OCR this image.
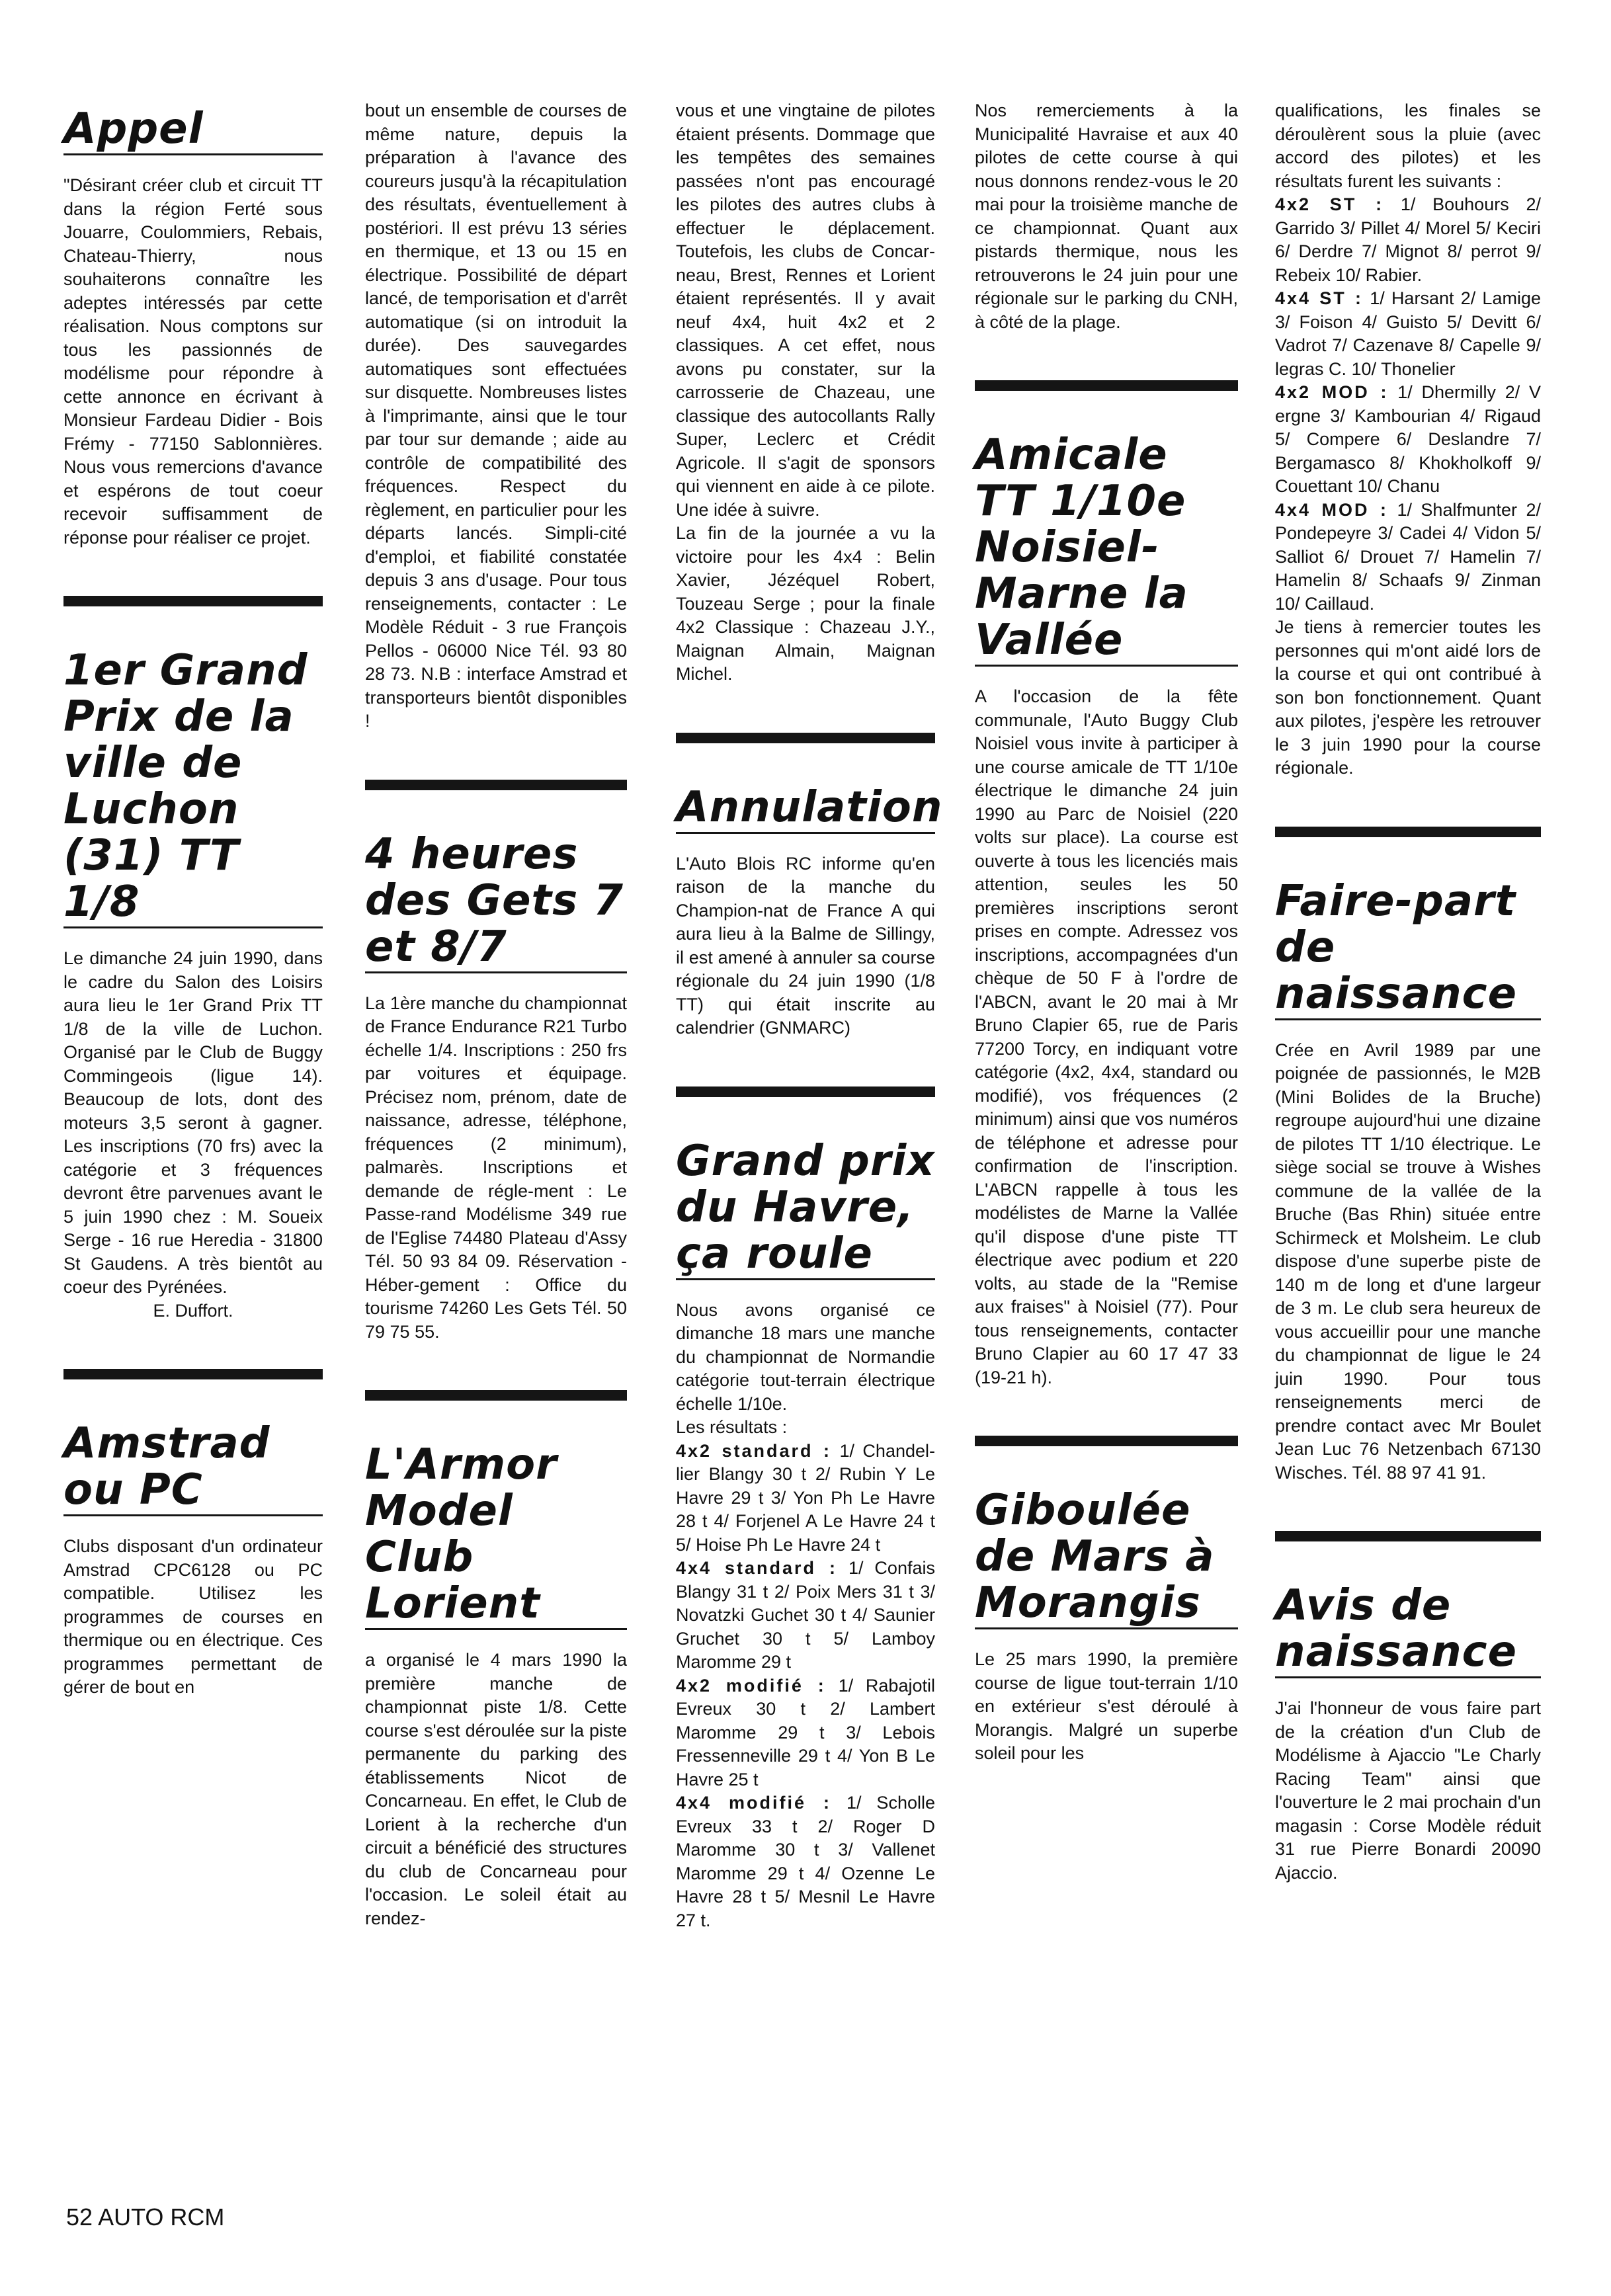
Appel

"Désirant créer club et circuit TT dans la région Ferté sous Jouarre, Coulommiers, Rebais, Chateau-Thierry, nous souhaiterons connaître les adeptes intéressés par cette réalisation. Nous comptons sur tous les passionnés de modélisme pour répondre à cette annonce en écrivant à Monsieur Fardeau Didier - Bois Frémy - 77150 Sablonnières. Nous vous remercions d'avance et espérons de tout coeur recevoir suffisamment de réponse pour réaliser ce projet.

1er Grand Prix de la ville de Luchon (31) TT 1/8

Le dimanche 24 juin 1990, dans le cadre du Salon des Loisirs aura lieu le 1er Grand Prix TT 1/8 de la ville de Luchon. Organisé par le Club de Buggy Commingeois (ligue 14). Beaucoup de lots, dont des moteurs 3,5 seront à gagner. Les inscriptions (70 frs) avec la catégorie et 3 fréquences devront être parvenues avant le 5 juin 1990 chez : M. Soueix Serge - 16 rue Heredia - 31800 St Gaudens. A très bientôt au coeur des Pyrénées.

E. Duffort.

Amstrad ou PC

Clubs disposant d'un ordinateur Amstrad CPC6128 ou PC compatible. Utilisez les programmes de courses en thermique ou en électrique. Ces programmes permettant de gérer de bout en

bout un ensemble de courses de même nature, depuis la préparation à l'avance des coureurs jusqu'à la récapitulation des résultats, éventuellement à postériori. Il est prévu 13 séries en thermique, et 13 ou 15 en électrique. Possibilité de départ lancé, de temporisation et d'arrêt automatique (si on introduit la durée). Des sauvegardes automatiques sont effectuées sur disquette. Nombreuses listes à l'imprimante, ainsi que le tour par tour sur demande ; aide au contrôle de compatibilité des fréquences. Respect du règlement, en particulier pour les départs lancés. Simpli-cité d'emploi, et fiabilité constatée depuis 3 ans d'usage. Pour tous renseignements, contacter : Le Modèle Réduit - 3 rue François Pellos - 06000 Nice Tél. 93 80 28 73. N.B : interface Amstrad et transporteurs bientôt disponibles !

4 heures des Gets 7 et 8/7

La 1ère manche du championnat de France Endurance R21 Turbo échelle 1/4. Inscriptions : 250 frs par voitures et équipage. Précisez nom, prénom, date de naissance, adresse, téléphone, fréquences (2 minimum), palmarès. Inscriptions et demande de régle-ment : Le Passe-rand Modélisme 349 rue de l'Eglise 74480 Plateau d'Assy Tél. 50 93 84 09. Réservation - Héber-gement : Office du tourisme 74260 Les Gets Tél. 50 79 75 55.

L'Armor Model Club Lorient

a organisé le 4 mars 1990 la première manche de championnat piste 1/8. Cette course s'est déroulée sur la piste permanente du parking des établissements Nicot de Concarneau. En effet, le Club de Lorient à la recherche d'un circuit a bénéficié des structures du club de Concarneau pour l'occasion. Le soleil était au rendez-

vous et une vingtaine de pilotes étaient présents. Dommage que les tempêtes des semaines passées n'ont pas encouragé les pilotes des autres clubs à effectuer le déplacement. Toutefois, les clubs de Concar-neau, Brest, Rennes et Lorient étaient représentés. Il y avait neuf 4x4, huit 4x2 et 2 classiques. A cet effet, nous avons pu constater, sur la carrosserie de Chazeau, une classique des autocollants Rally Super, Leclerc et Crédit Agricole. Il s'agit de sponsors qui viennent en aide à ce pilote. Une idée à suivre.

La fin de la journée a vu la victoire pour les 4x4 : Belin Xavier, Jézéquel Robert, Touzeau Serge ; pour la finale 4x2 Classique : Chazeau J.Y., Maignan Almain, Maignan Michel.

Annulation

L'Auto Blois RC informe qu'en raison de la manche du Champion-nat de France A qui aura lieu à la Balme de Sillingy, il est amené à annuler sa course régionale du 24 juin 1990 (1/8 TT) qui était inscrite au calendrier (GNMARC)

Grand prix du Havre, ça roule

Nous avons organisé ce dimanche 18 mars une manche du championnat de Normandie catégorie tout-terrain électrique échelle 1/10e.

Les résultats :

4x2 standard : 1/ Chandel-lier Blangy 30 t 2/ Rubin Y Le Havre 29 t 3/ Yon Ph Le Havre 28 t 4/ Forjenel A Le Havre 24 t 5/ Hoise Ph Le Havre 24 t

4x4 standard : 1/ Confais Blangy 31 t 2/ Poix Mers 31 t 3/ Novatzki Guchet 30 t 4/ Saunier Gruchet 30 t 5/ Lamboy Maromme 29 t

4x2 modifié : 1/ Rabajotil Evreux 30 t 2/ Lambert Maromme 29 t 3/ Lebois Fressenneville 29 t 4/ Yon B Le Havre 25 t

4x4 modifié : 1/ Scholle Evreux 33 t 2/ Roger D Maromme 30 t 3/ Vallenet Maromme 29 t 4/ Ozenne Le Havre 28 t 5/ Mesnil Le Havre 27 t.

Nos remerciements à la Municipalité Havraise et aux 40 pilotes de cette course à qui nous donnons rendez-vous le 20 mai pour la troisième manche de ce championnat. Quant aux pistards thermique, nous les retrouverons le 24 juin pour une régionale sur le parking du CNH, à côté de la plage.

Amicale TT 1/10e Noisiel-Marne la Vallée

A l'occasion de la fête communale, l'Auto Buggy Club Noisiel vous invite à participer à une course amicale de TT 1/10e électrique le dimanche 24 juin 1990 au Parc de Noisiel (220 volts sur place). La course est ouverte à tous les licenciés mais attention, seules les 50 premières inscriptions seront prises en compte. Adressez vos inscriptions, accompagnées d'un chèque de 50 F à l'ordre de l'ABCN, avant le 20 mai à Mr Bruno Clapier 65, rue de Paris 77200 Torcy, en indiquant votre catégorie (4x2, 4x4, standard ou modifié), vos fréquences (2 minimum) ainsi que vos numéros de téléphone et adresse pour confirmation de l'inscription. L'ABCN rappelle à tous les modélistes de Marne la Vallée qu'il dispose d'une piste TT électrique avec podium et 220 volts, au stade de la "Remise aux fraises" à Noisiel (77). Pour tous renseignements, contacter Bruno Clapier au 60 17 47 33 (19-21 h).

Giboulée de Mars à Morangis

Le 25 mars 1990, la première course de ligue tout-terrain 1/10 en extérieur s'est déroulé à Morangis. Malgré un superbe soleil pour les

qualifications, les finales se déroulèrent sous la pluie (avec accord des pilotes) et les résultats furent les suivants :

4x2 ST : 1/ Bouhours 2/ Garrido 3/ Pillet 4/ Morel 5/ Keciri 6/ Derdre 7/ Mignot 8/ perrot 9/ Rebeix 10/ Rabier.

4x4 ST : 1/ Harsant 2/ Lamige 3/ Foison 4/ Guisto 5/ Devitt 6/ Vadrot 7/ Cazenave 8/ Capelle 9/ legras C. 10/ Thonelier

4x2 MOD : 1/ Dhermilly 2/ V ergne 3/ Kambourian 4/ Rigaud 5/ Compere 6/ Deslandre 7/ Bergamasco 8/ Khokholkoff 9/ Couettant 10/ Chanu

4x4 MOD : 1/ Shalfmunter 2/ Pondepeyre 3/ Cadei 4/ Vidon 5/ Salliot 6/ Drouet 7/ Hamelin 7/ Hamelin 8/ Schaafs 9/ Zinman 10/ Caillaud.

Je tiens à remercier toutes les personnes qui m'ont aidé lors de la course et qui ont contribué à son bon fonctionnement. Quant aux pilotes, j'espère les retrouver le 3 juin 1990 pour la course régionale.

Faire-part de naissance

Crée en Avril 1989 par une poignée de passionnés, le M2B (Mini Bolides de la Bruche) regroupe aujourd'hui une dizaine de pilotes TT 1/10 électrique. Le siège social se trouve à Wishes commune de la vallée de la Bruche (Bas Rhin) située entre Schirmeck et Molsheim. Le club dispose d'une superbe piste de 140 m de long et d'une largeur de 3 m. Le club sera heureux de vous accueillir pour une manche du championnat de ligue le 24 juin 1990. Pour tous renseignements merci de prendre contact avec Mr Boulet Jean Luc 76 Netzenbach 67130 Wisches. Tél. 88 97 41 91.

Avis de naissance

J'ai l'honneur de vous faire part de la création d'un Club de Modélisme à Ajaccio "Le Charly Racing Team" ainsi que l'ouverture le 2 mai prochain d'un magasin : Corse Modèle réduit 31 rue Pierre Bonardi 20090 Ajaccio.

52 AUTO RCM
